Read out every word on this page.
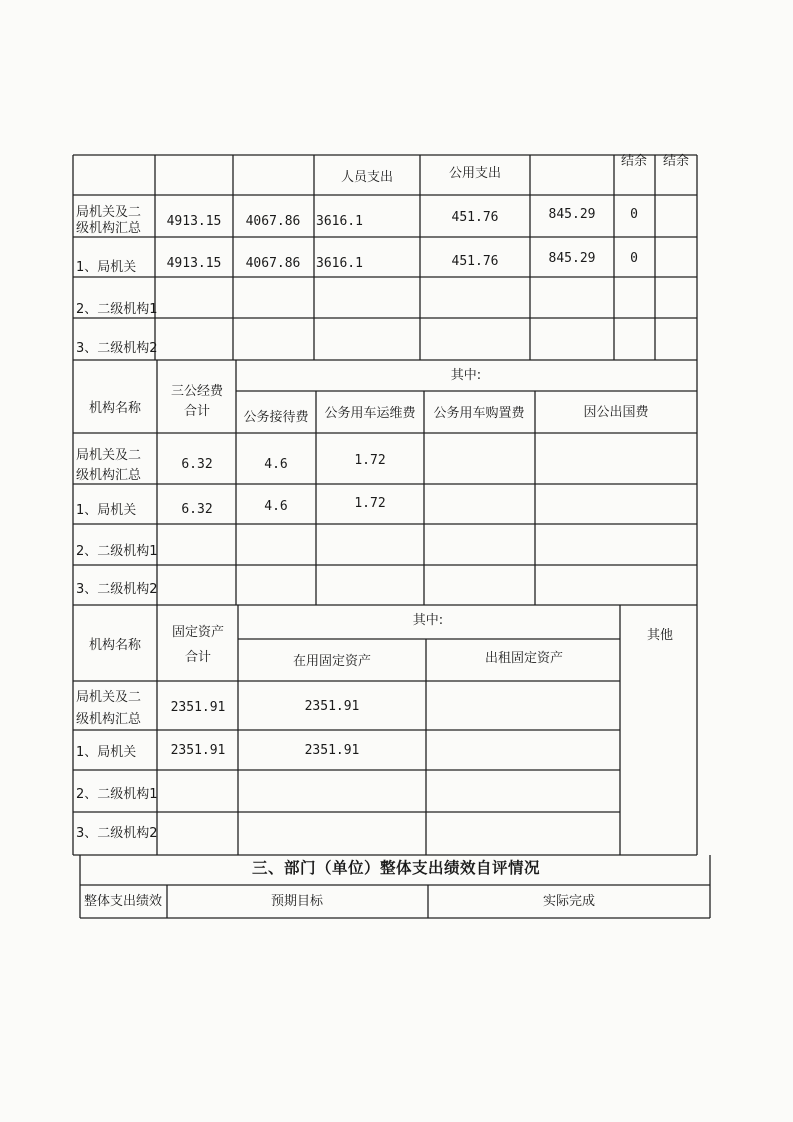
人员支出	公用支出
结余 结余
局机关及二
级机构汇总 4913.15 4067.86 3616.1	451.76	845.29	0
1、局机关 4913.15 4067.86 3616.1	451.76	845.29	0
2、二级机构1
3、二级机构2
机构名称
三公经费
合计
其中:
公务接待费 公务用车运维费 公务用车购置费	因公出国费
局机关及二
级机构汇总
6.32	4.6	1.72
1、局机关	6.32	4.6	1.72
2、二级机构1
3、二级机构2
机构名称
固定资产
合计
其中:
在用固定资产	出租固定资产
其他
局机关及二
级机构汇总
2351.91	2351.91
1、局机关	2351.91	2351.91
2、二级机构1
3、二级机构2
三、部门（单位）整体支出绩效自评情况
整体支出绩效	预期目标	实际完成
